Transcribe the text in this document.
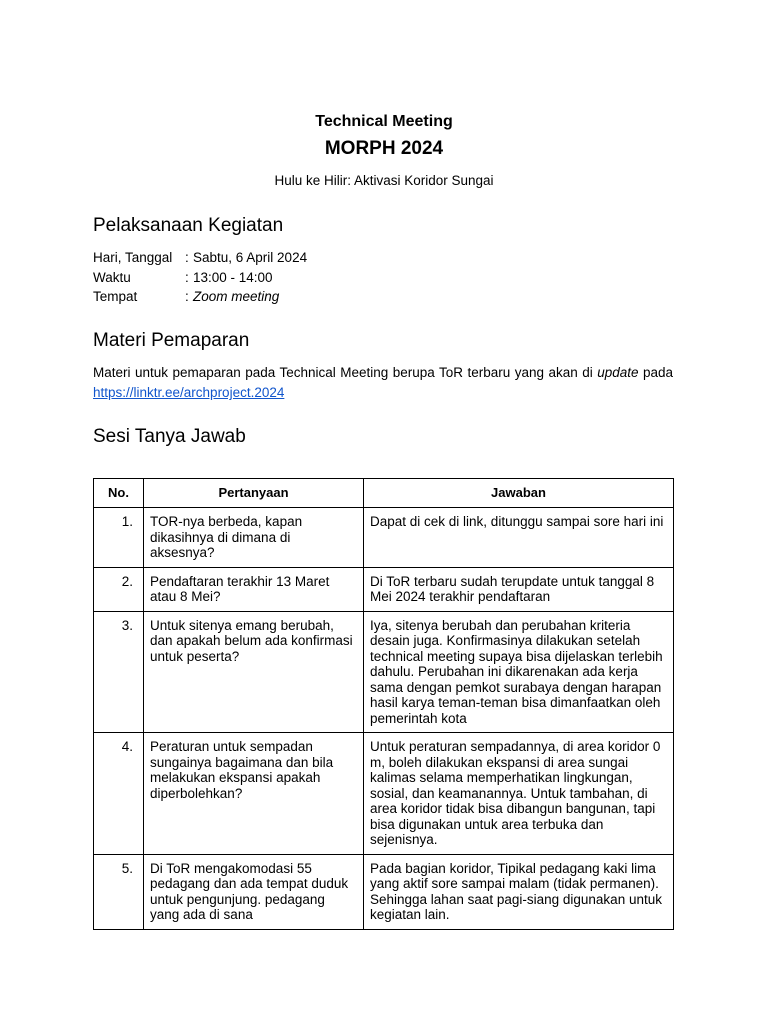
Technical Meeting
MORPH 2024
Hulu ke Hilir: Aktivasi Koridor Sungai
Pelaksanaan Kegiatan
Hari, Tanggal : Sabtu, 6 April 2024
Waktu	: 13:00 - 14:00
Tempat	: Zoom meeting
Materi Pemaparan
Materi untuk pemaparan pada Technical Meeting berupa ToR terbaru yang akan di update pada https://linktr.ee/archproject.2024
Sesi Tanya Jawab
No.	Pertanyaan	Jawaban
1.	TOR-nya berbeda, kapan dikasihnya di dimana di aksesnya?	Dapat di cek di link, ditunggu sampai sore hari ini
2.	Pendaftaran terakhir 13 Maret atau 8 Mei?	Di ToR terbaru sudah terupdate untuk tanggal 8 Mei 2024 terakhir pendaftaran
3.	Untuk sitenya emang berubah, dan apakah belum ada konfirmasi untuk peserta?	Iya, sitenya berubah dan perubahan kriteria desain juga. Konfirmasinya dilakukan setelah technical meeting supaya bisa dijelaskan terlebih dahulu. Perubahan ini dikarenakan ada kerja sama dengan pemkot surabaya dengan harapan hasil karya teman-teman bisa dimanfaatkan oleh pemerintah kota
4.	Peraturan untuk sempadan sungainya bagaimana dan bila melakukan ekspansi apakah diperbolehkan?	Untuk peraturan sempadannya, di area koridor 0 m, boleh dilakukan ekspansi di area sungai kalimas selama memperhatikan lingkungan, sosial, dan keamanannya. Untuk tambahan, di area koridor tidak bisa dibangun bangunan, tapi bisa digunakan untuk area terbuka dan sejenisnya.
5.	Di ToR mengakomodasi 55 pedagang dan ada tempat duduk untuk pengunjung. pedagang yang ada di sana	Pada bagian koridor, Tipikal pedagang kaki lima yang aktif sore sampai malam (tidak permanen). Sehingga lahan saat pagi-siang digunakan untuk kegiatan lain.
